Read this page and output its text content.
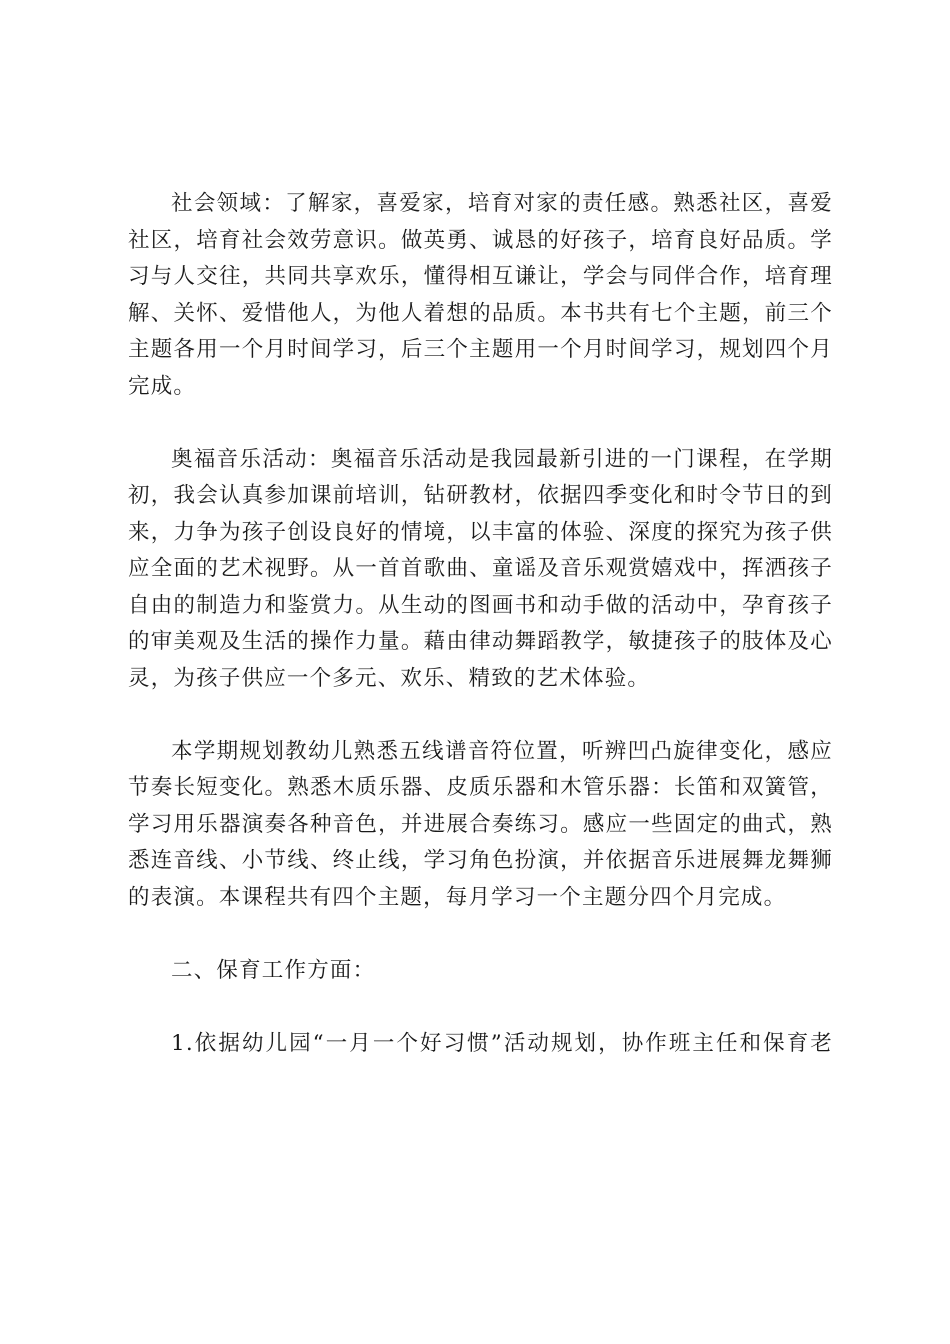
社会领域：了解家，喜爱家，培育对家的责任感。熟悉社区，喜爱
社区，培育社会效劳意识。做英勇、诚恳的好孩子，培育良好品质。学
习与人交往，共同共享欢乐，懂得相互谦让，学会与同伴合作，培育理
解、关怀、爱惜他人，为他人着想的品质。本书共有七个主题，前三个
主题各用一个月时间学习，后三个主题用一个月时间学习，规划四个月
完成。
奥福音乐活动：奥福音乐活动是我园最新引进的一门课程，在学期
初，我会认真参加课前培训，钻研教材，依据四季变化和时令节日的到
来，力争为孩子创设良好的情境，以丰富的体验、深度的探究为孩子供
应全面的艺术视野。从一首首歌曲、童谣及音乐观赏嬉戏中，挥洒孩子
自由的制造力和鉴赏力。从生动的图画书和动手做的活动中，孕育孩子
的审美观及生活的操作力量。藉由律动舞蹈教学，敏捷孩子的肢体及心
灵，为孩子供应一个多元、欢乐、精致的艺术体验。
本学期规划教幼儿熟悉五线谱音符位置，听辨凹凸旋律变化，感应
节奏长短变化。熟悉木质乐器、皮质乐器和木管乐器：长笛和双簧管，
学习用乐器演奏各种音色，并进展合奏练习。感应一些固定的曲式，熟
悉连音线、小节线、终止线，学习角色扮演，并依据音乐进展舞龙舞狮
的表演。本课程共有四个主题，每月学习一个主题分四个月完成。
二、保育工作方面：
1.依据幼儿园“一月一个好习惯”活动规划，协作班主任和保育老
